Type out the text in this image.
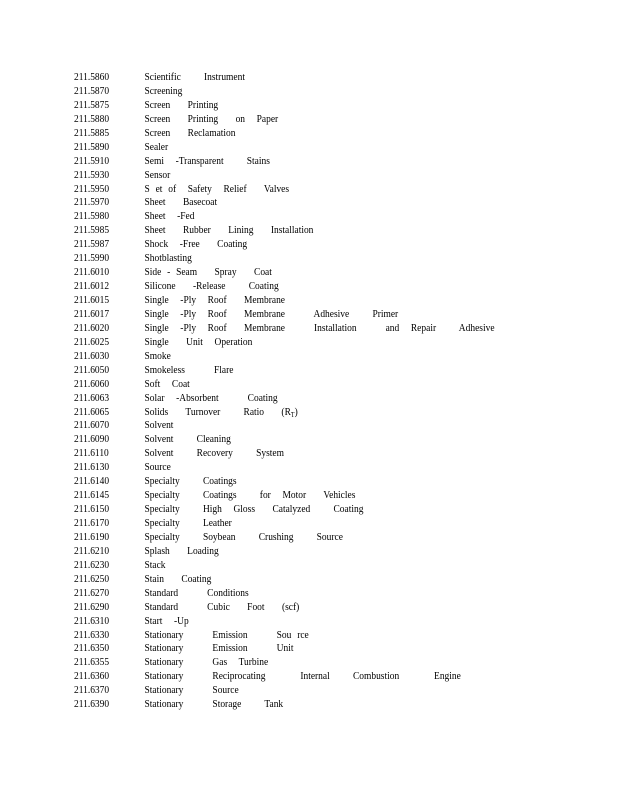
211.5860	Scientific    Instrument
211.5870	Screening
211.5875	Screen   Printing
211.5880	Screen   Printing   on  Paper
211.5885	Screen   Reclamation
211.5890	Sealer
211.5910	Semi  -Transparent    Stains
211.5930	Sensor
211.5950	S et of  Safety  Relief   Valves
211.5970	Sheet   Basecoat
211.5980	Sheet  -Fed
211.5985	Sheet   Rubber   Lining   Installation
211.5987	Shock  -Free   Coating
211.5990	Shotblasting
211.6010	Side - Seam   Spray   Coat
211.6012	Silicone   -Release    Coating
211.6015	Single  -Ply  Roof   Membrane
211.6017	Single  -Ply  Roof   Membrane     Adhesive    Primer
211.6020	Single  -Ply  Roof   Membrane     Installation     and  Repair    Adhesive
211.6025	Single   Unit  Operation
211.6030	Smoke
211.6050	Smokeless     Flare
211.6060	Soft  Coat
211.6063	Solar  -Absorbent     Coating
211.6065	Solids   Turnover    Ratio   $(R_T)$
211.6070	Solvent
211.6090	Solvent    Cleaning
211.6110	Solvent    Recovery    System
211.6130	Source
211.6140	Specialty    Coatings
211.6145	Specialty    Coatings    for  Motor   Vehicles
211.6150	Specialty    High  Gloss   Catalyzed    Coating
211.6170	Specialty    Leather
211.6190	Specialty    Soybean    Crushing    Source
211.6210	Splash   Loading
211.6230	Stack
211.6250	Stain   Coating
211.6270	Standard     Conditions
211.6290	Standard     Cubic   Foot   (scf)
211.6310	Start  -Up
211.6330	Stationary     Emission     Sou rce
211.6350	Stationary     Emission     Unit
211.6355	Stationary     Gas  Turbine
211.6360	Stationary     Reciprocating      Internal    Combustion      Engine
211.6370	Stationary     Source
211.6390	Stationary     Storage    Tank
